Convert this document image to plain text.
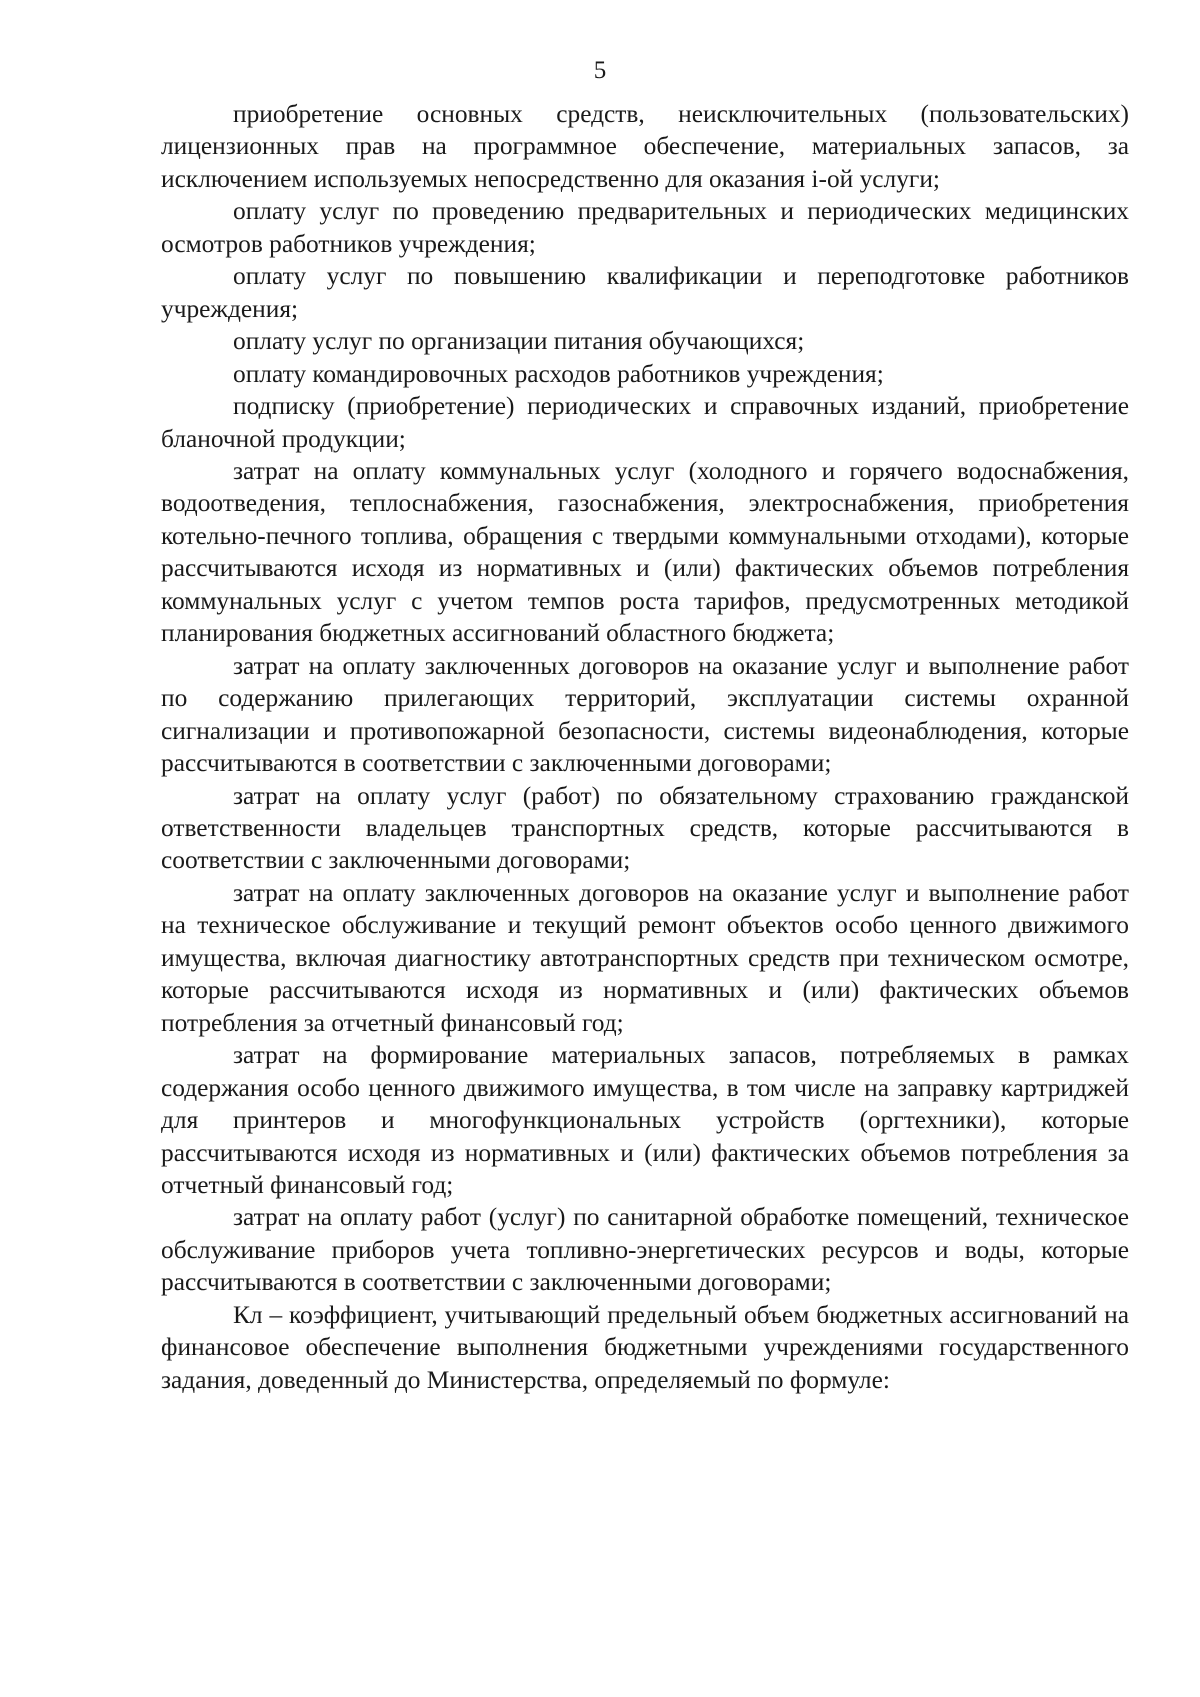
5

приобретение основных средств, неисключительных (пользовательских) лицензионных прав на программное обеспечение, материальных запасов, за исключением используемых непосредственно для оказания i-ой услуги;

оплату услуг по проведению предварительных и периодических медицинских осмотров работников учреждения;

оплату услуг по повышению квалификации и переподготовке работников учреждения;

оплату услуг по организации питания обучающихся;

оплату командировочных расходов работников учреждения;

подписку (приобретение) периодических и справочных изданий, приобретение бланочной продукции;

затрат на оплату коммунальных услуг (холодного и горячего водоснабжения, водоотведения, теплоснабжения, газоснабжения, электроснабжения, приобретения котельно-печного топлива, обращения с твердыми коммунальными отходами), которые рассчитываются исходя из нормативных и (или) фактических объемов потребления коммунальных услуг с учетом темпов роста тарифов, предусмотренных методикой планирования бюджетных ассигнований областного бюджета;

затрат на оплату заключенных договоров на оказание услуг и выполнение работ по содержанию прилегающих территорий, эксплуатации системы охранной сигнализации и противопожарной безопасности, системы видеонаблюдения, которые рассчитываются в соответствии с заключенными договорами;

затрат на оплату услуг (работ) по обязательному страхованию гражданской ответственности владельцев транспортных средств, которые рассчитываются в соответствии с заключенными договорами;

затрат на оплату заключенных договоров на оказание услуг и выполнение работ на техническое обслуживание и текущий ремонт объектов особо ценного движимого имущества, включая диагностику автотранспортных средств при техническом осмотре, которые рассчитываются исходя из нормативных и (или) фактических объемов потребления за отчетный финансовый год;

затрат на формирование материальных запасов, потребляемых в рамках содержания особо ценного движимого имущества, в том числе на заправку картриджей для принтеров и многофункциональных устройств (оргтехники), которые рассчитываются исходя из нормативных и (или) фактических объемов потребления за отчетный финансовый год;

затрат на оплату работ (услуг) по санитарной обработке помещений, техническое обслуживание приборов учета топливно-энергетических ресурсов и воды, которые рассчитываются в соответствии с заключенными договорами;

Кл – коэффициент, учитывающий предельный объем бюджетных ассигнований на финансовое обеспечение выполнения бюджетными учреждениями государственного задания, доведенный до Министерства, определяемый по формуле:
